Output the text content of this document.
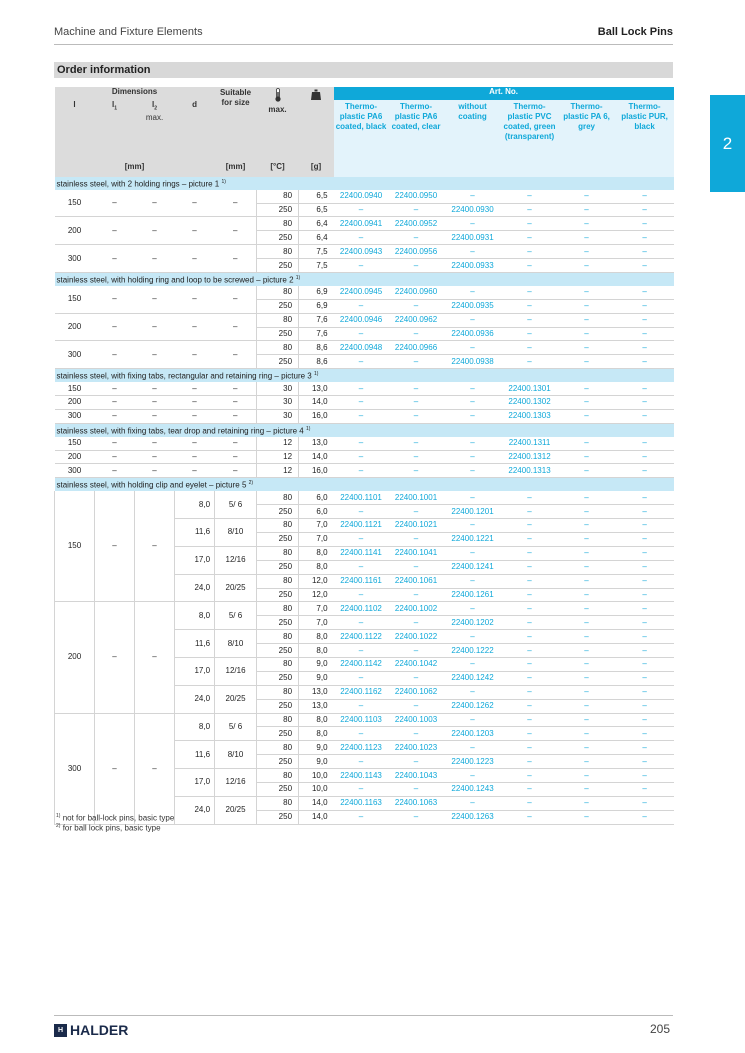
Machine and Fixture Elements	Ball Lock Pins
2
Order information
Dimensions				Suitable for size	max.		Art. No.					
l	$l_1$	$l_2$
max.	d				Thermo-plastic PA6 coated, black	Thermo-plastic PA6 coated, clear	without coating	Thermo-plastic PVC coated, green (transparent)	Thermo-plastic PA 6, grey	Thermo-plastic PUR, black
[mm]				[mm]	[°C]	[g]						
stainless steel, with 2 holding rings – picture 1 $^{1)}$
150	–	–	–	–	80	6,5	22400.0940	22400.0950	–	–	–	–
					250	6,5	–	–	22400.0930	–	–	–
200	–	–	–	–	80	6,4	22400.0941	22400.0952	–	–	–	–
					250	6,4	–	–	22400.0931	–	–	–
300	–	–	–	–	80	7,5	22400.0943	22400.0956	–	–	–	–
					250	7,5	–	–	22400.0933	–	–	–
stainless steel, with holding ring and loop to be screwed – picture 2 $^{1)}$
150	–	–	–	–	80	6,9	22400.0945	22400.0960	–	–	–	–
					250	6,9	–	–	22400.0935	–	–	–
200	–	–	–	–	80	7,6	22400.0946	22400.0962	–	–	–	–
					250	7,6	–	–	22400.0936	–	–	–
300	–	–	–	–	80	8,6	22400.0948	22400.0966	–	–	–	–
					250	8,6	–	–	22400.0938	–	–	–
stainless steel, with fixing tabs, rectangular and retaining ring – picture 3 $^{1)}$
150	–	–	–	–	30	13,0	–	–	–	22400.1301	–	–
200	–	–	–	–	30	14,0	–	–	–	22400.1302	–	–
300	–	–	–	–	30	16,0	–	–	–	22400.1303	–	–
stainless steel, with fixing tabs, tear drop and retaining ring – picture 4 $^{1)}$
150	–	–	–	–	12	13,0	–	–	–	22400.1311	–	–
200	–	–	–	–	12	14,0	–	–	–	22400.1312	–	–
300	–	–	–	–	12	16,0	–	–	–	22400.1313	–	–
stainless steel, with holding clip and eyelet – picture 5 $^{2)}$
150	–	–	8,0	5/ 6	80	6,0	22400.1101	22400.1001	–	–	–	–
					250	6,0	–	–	22400.1201	–	–	–
			11,6	8/10	80	7,0	22400.1121	22400.1021	–	–	–	–
					250	7,0	–	–	22400.1221	–	–	–
			17,0	12/16	80	8,0	22400.1141	22400.1041	–	–	–	–
					250	8,0	–	–	22400.1241	–	–	–
			24,0	20/25	80	12,0	22400.1161	22400.1061	–	–	–	–
					250	12,0	–	–	22400.1261	–	–	–
200	–	–	8,0	5/ 6	80	7,0	22400.1102	22400.1002	–	–	–	–
					250	7,0	–	–	22400.1202	–	–	–
			11,6	8/10	80	8,0	22400.1122	22400.1022	–	–	–	–
					250	8,0	–	–	22400.1222	–	–	–
			17,0	12/16	80	9,0	22400.1142	22400.1042	–	–	–	–
					250	9,0	–	–	22400.1242	–	–	–
			24,0	20/25	80	13,0	22400.1162	22400.1062	–	–	–	–
					250	13,0	–	–	22400.1262	–	–	–
300	–	–	8,0	5/ 6	80	8,0	22400.1103	22400.1003	–	–	–	–
					250	8,0	–	–	22400.1203	–	–	–
			11,6	8/10	80	9,0	22400.1123	22400.1023	–	–	–	–
					250	9,0	–	–	22400.1223	–	–	–
			17,0	12/16	80	10,0	22400.1143	22400.1043	–	–	–	–
					250	10,0	–	–	22400.1243	–	–	–
			24,0	20/25	80	14,0	22400.1163	22400.1063	–	–	–	–
					250	14,0	–	–	22400.1263	–	–	–
$^{1)}$ not for ball-lock pins, basic type
$^{2)}$ for ball lock pins, basic type
H HALDER	205
